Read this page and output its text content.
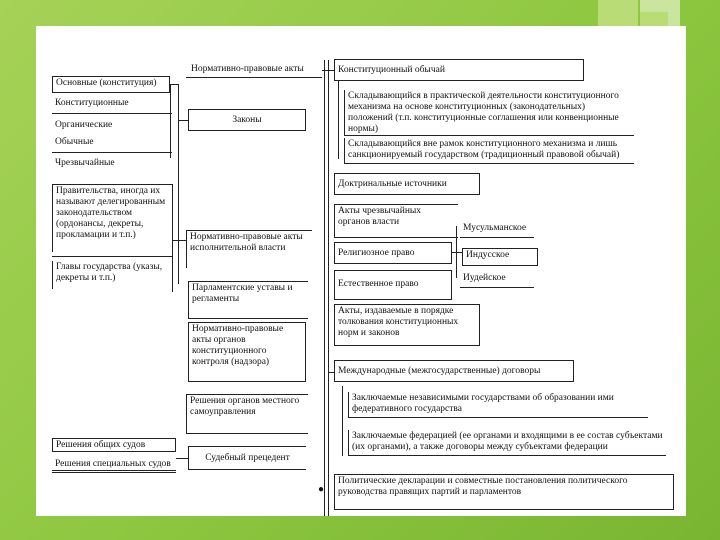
Основные (конституция)
Конституционные
Органические
Обычные
Чрезвычайные
Правительства, иногда их называют делегированным законодательством (ордонансы, декреты, прокламации и т.п.)
Главы государства (указы, декреты и т.п.)
Решения общих судов
Решения специальных судов
Нормативно-правовые акты
Законы
Нормативно-правовые акты исполнительной власти
Парламентские уставы и регламенты
Нормативно-правовые акты органов конституционного контроля (надзора)
Решения органов местного самоуправления
Судебный прецедент
Конституционный обычай
Складывающийся в практической деятельности конституционного механизма на основе конституционных (законодательных) положений (т.п. конституционные соглашения или конвенционные нормы)
Складывающийся вне рамок конституционного механизма и лишь санкционируемый государством (традиционный правовой обычай)
Доктринальные источники
Акты чрезвычайных органов власти
Религиозное право
Естественное право
Мусульманское
Индусское
Иудейское
Акты, издаваемые в порядке толкования конституционных норм и законов
Международные (межгосударственные) договоры
Заключаемые независимыми государствами об образовании ими федеративного государства
Заключаемые федерацией (ее органами и входящими в ее состав субъектами (их органами), а также договоры между субъектами федерации
Политические декларации и совместные постановления политического руководства правящих партий и парламентов
●
